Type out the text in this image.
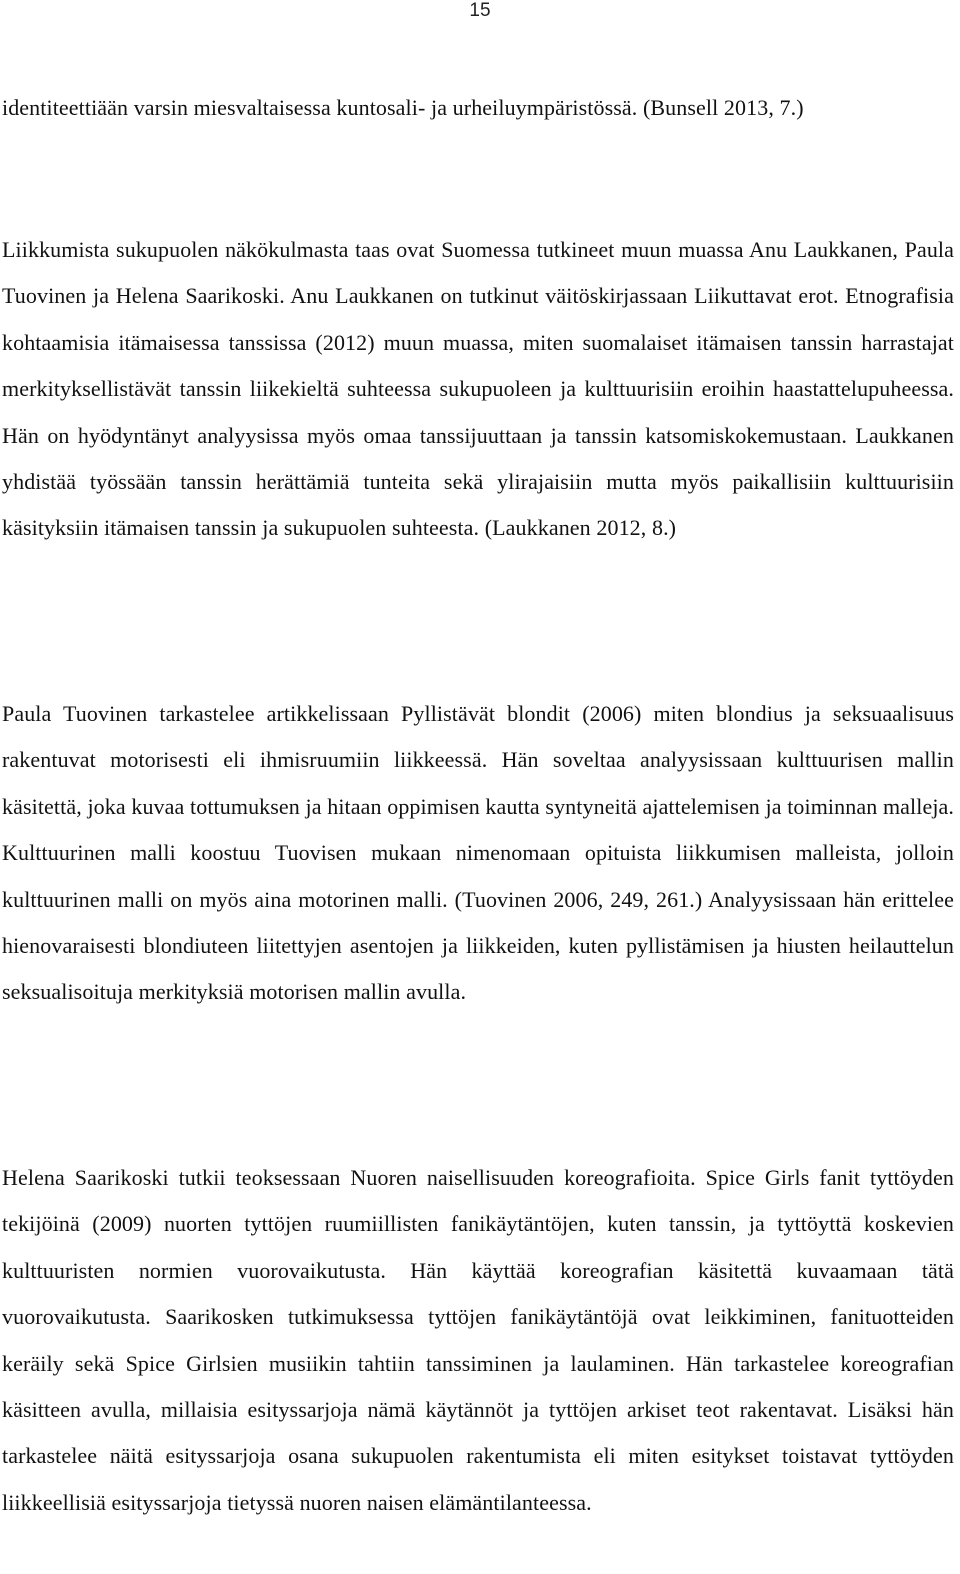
15

identiteettiään varsin miesvaltaisessa kuntosali- ja urheiluympäristössä. (Bunsell 2013, 7.)

Liikkumista sukupuolen näkökulmasta taas ovat Suomessa tutkineet muun muassa Anu Laukkanen, Paula Tuovinen ja Helena Saarikoski. Anu Laukkanen on tutkinut väitöskirjassaan Liikuttavat erot. Etnografisia kohtaamisia itämaisessa tanssissa (2012) muun muassa, miten suomalaiset itämaisen tanssin harrastajat merkityksellistävät tanssin liikekieltä suhteessa sukupuoleen ja kulttuurisiin eroihin haastattelupuheessa. Hän on hyödyntänyt analyysissa myös omaa tanssijuuttaan ja tanssin katsomiskokemustaan. Laukkanen yhdistää työssään tanssin herättämiä tunteita sekä ylirajaisiin mutta myös paikallisiin kulttuurisiin käsityksiin itämaisen tanssin ja sukupuolen suhteesta. (Laukkanen 2012, 8.)

Paula Tuovinen tarkastelee artikkelissaan Pyllistävät blondit (2006) miten blondius ja seksuaalisuus rakentuvat motorisesti eli ihmisruumiin liikkeessä. Hän soveltaa analyysissaan kulttuurisen mallin käsitettä, joka kuvaa tottumuksen ja hitaan oppimisen kautta syntyneitä ajattelemisen ja toiminnan malleja. Kulttuurinen malli koostuu Tuovisen mukaan nimenomaan opituista liikkumisen malleista, jolloin kulttuurinen malli on myös aina motorinen malli. (Tuovinen 2006, 249, 261.) Analyysissaan hän erittelee hienovaraisesti blondiuteen liitettyjen asentojen ja liikkeiden, kuten pyllistämisen ja hiusten heilauttelun seksualisoituja merkityksiä motorisen mallin avulla.

Helena Saarikoski tutkii teoksessaan Nuoren naisellisuuden koreografioita. Spice Girls fanit tyttöyden tekijöinä (2009) nuorten tyttöjen ruumiillisten fanikäytäntöjen, kuten tanssin, ja tyttöyttä koskevien kulttuuristen normien vuorovaikutusta. Hän käyttää koreografian käsitettä kuvaamaan tätä vuorovaikutusta. Saarikosken tutkimuksessa tyttöjen fanikäytäntöjä ovat leikkiminen, fanituotteiden keräily sekä Spice Girlsien musiikin tahtiin tanssiminen ja laulaminen. Hän tarkastelee koreografian käsitteen avulla, millaisia esityssarjoja nämä käytännöt ja tyttöjen arkiset teot rakentavat. Lisäksi hän tarkastelee näitä esityssarjoja osana sukupuolen rakentumista eli miten esitykset toistavat tyttöyden liikkeellisiä esityssarjoja tietyssä nuoren naisen elämäntilanteessa.
